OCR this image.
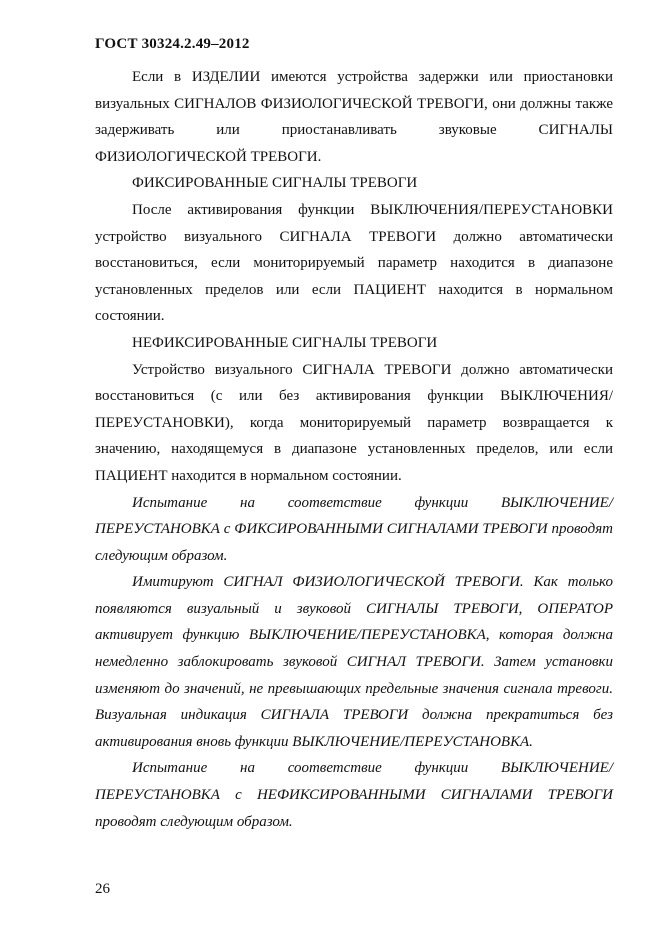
ГОСТ 30324.2.49–2012

Если в ИЗДЕЛИИ имеются устройства задержки или приостановки визуальных СИГНАЛОВ ФИЗИОЛОГИЧЕСКОЙ ТРЕВОГИ, они должны также задерживать или приостанавливать звуковые СИГНАЛЫ ФИЗИОЛОГИЧЕСКОЙ ТРЕВОГИ.

ФИКСИРОВАННЫЕ СИГНАЛЫ ТРЕВОГИ

После активирования функции ВЫКЛЮЧЕНИЯ/ПЕРЕУСТАНОВКИ устройство визуального СИГНАЛА ТРЕВОГИ должно автоматически восстановиться, если мониторируемый параметр находится в диапазоне установленных пределов или если ПАЦИЕНТ находится в нормальном состоянии.

НЕФИКСИРОВАННЫЕ СИГНАЛЫ ТРЕВОГИ

Устройство визуального СИГНАЛА ТРЕВОГИ должно автоматически восстановиться (с или без активирования функции ВЫКЛЮЧЕНИЯ/ПЕРЕУСТАНОВКИ), когда мониторируемый параметр возвращается к значению, находящемуся в диапазоне установленных пределов, или если ПАЦИЕНТ находится в нормальном состоянии.

Испытание на соответствие функции ВЫКЛЮЧЕНИЕ/ПЕРЕУСТАНОВКА с ФИКСИРОВАННЫМИ СИГНАЛАМИ ТРЕВОГИ проводят следующим образом.

Имитируют СИГНАЛ ФИЗИОЛОГИЧЕСКОЙ ТРЕВОГИ. Как только появляются визуальный и звуковой СИГНАЛЫ ТРЕВОГИ, ОПЕРАТОР активирует функцию ВЫКЛЮЧЕНИЕ/ПЕРЕУСТАНОВКА, которая должна немедленно заблокировать звуковой СИГНАЛ ТРЕВОГИ. Затем установки изменяют до значений, не превышающих предельные значения сигнала тревоги. Визуальная индикация СИГНАЛА ТРЕВОГИ должна прекратиться без активирования вновь функции ВЫКЛЮЧЕНИЕ/ПЕРЕУСТАНОВКА.

Испытание на соответствие функции ВЫКЛЮЧЕНИЕ/ПЕРЕУСТАНОВКА с НЕФИКСИРОВАННЫМИ СИГНАЛАМИ ТРЕВОГИ проводят следующим образом.

26
